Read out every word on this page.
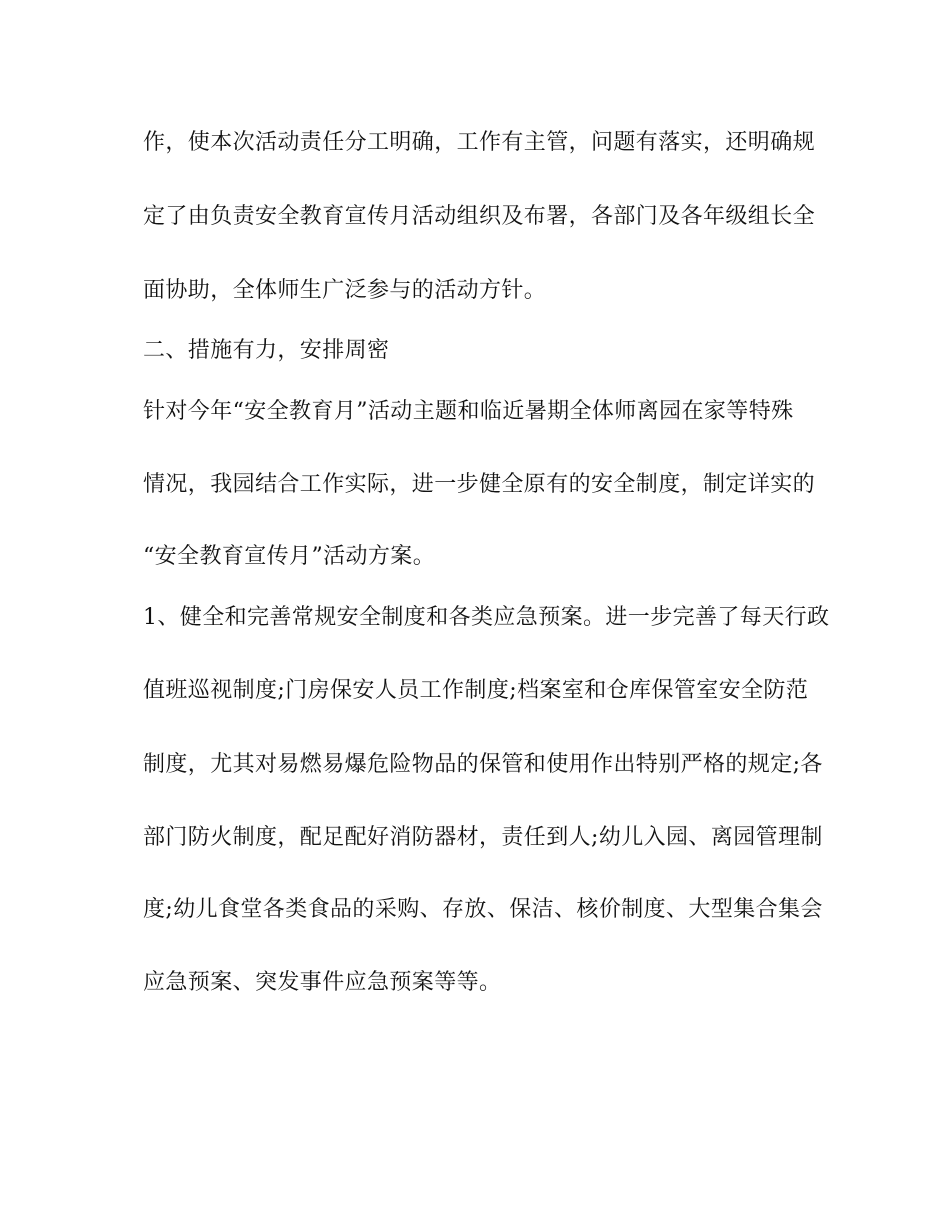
作，使本次活动责任分工明确，工作有主管，问题有落实，还明确规
定了由负责安全教育宣传月活动组织及布署，各部门及各年级组长全
面协助，全体师生广泛参与的活动方针。
二、措施有力，安排周密
针对今年“安全教育月”活动主题和临近暑期全体师离园在家等特殊
情况，我园结合工作实际，进一步健全原有的安全制度，制定详实的
“安全教育宣传月”活动方案。
1、健全和完善常规安全制度和各类应急预案。进一步完善了每天行政
值班巡视制度;门房保安人员工作制度;档案室和仓库保管室安全防范
制度，尤其对易燃易爆危险物品的保管和使用作出特别严格的规定;各
部门防火制度，配足配好消防器材，责任到人;幼儿入园、离园管理制
度;幼儿食堂各类食品的采购、存放、保洁、核价制度、大型集合集会
应急预案、突发事件应急预案等等。
